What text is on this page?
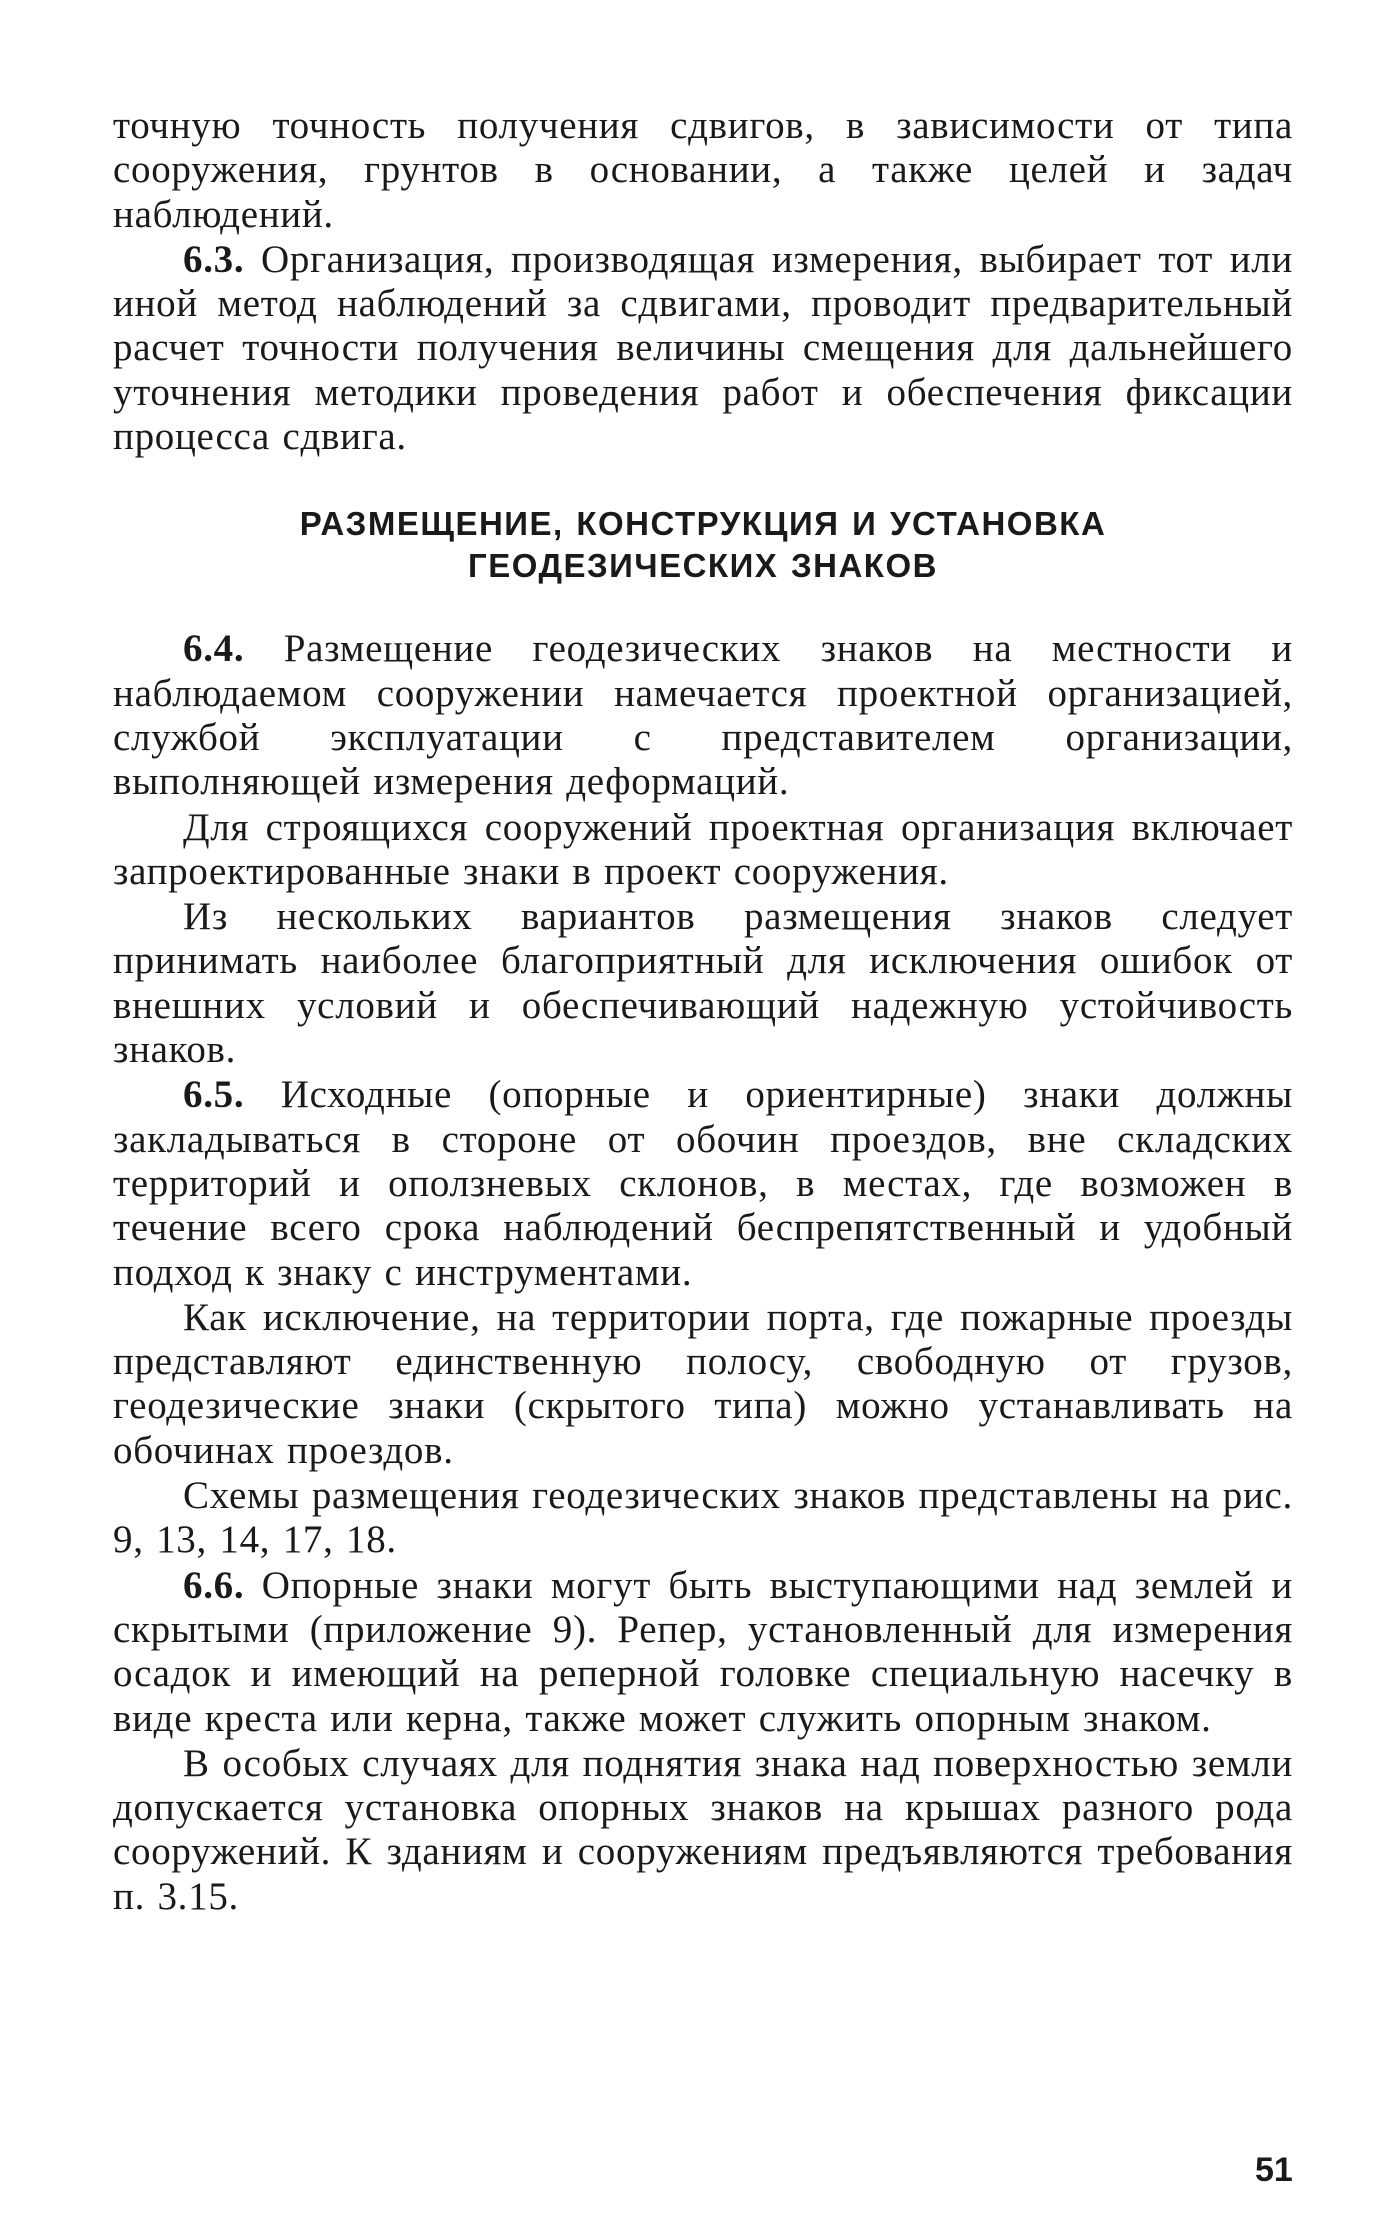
точную точность получения сдвигов, в зависимости от типа сооружения, грунтов в основании, а также целей и задач наблюдений.

6.3. Организация, производящая измерения, выбирает тот или иной метод наблюдений за сдвигами, проводит предварительный расчет точности получения величины смещения для дальнейшего уточнения методики проведения работ и обеспечения фиксации процесса сдвига.

РАЗМЕЩЕНИЕ, КОНСТРУКЦИЯ И УСТАНОВКА
ГЕОДЕЗИЧЕСКИХ ЗНАКОВ

6.4. Размещение геодезических знаков на местности и наблюдаемом сооружении намечается проектной организацией, службой эксплуатации с представителем организации, выполняющей измерения деформаций.

Для строящихся сооружений проектная организация включает запроектированные знаки в проект сооружения.

Из нескольких вариантов размещения знаков следует принимать наиболее благоприятный для исключения ошибок от внешних условий и обеспечивающий надежную устойчивость знаков.

6.5. Исходные (опорные и ориентирные) знаки должны закладываться в стороне от обочин проездов, вне складских территорий и оползневых склонов, в местах, где возможен в течение всего срока наблюдений беспрепятственный и удобный подход к знаку с инструментами.

Как исключение, на территории порта, где пожарные проезды представляют единственную полосу, свободную от грузов, геодезические знаки (скрытого типа) можно устанавливать на обочинах проездов.

Схемы размещения геодезических знаков представлены на рис. 9, 13, 14, 17, 18.

6.6. Опорные знаки могут быть выступающими над землей и скрытыми (приложение 9). Репер, установленный для измерения осадок и имеющий на реперной головке специальную насечку в виде креста или керна, также может служить опорным знаком.

В особых случаях для поднятия знака над поверхностью земли допускается установка опорных знаков на крышах разного рода сооружений. К зданиям и сооружениям предъявляются требования п. 3.15.

51
